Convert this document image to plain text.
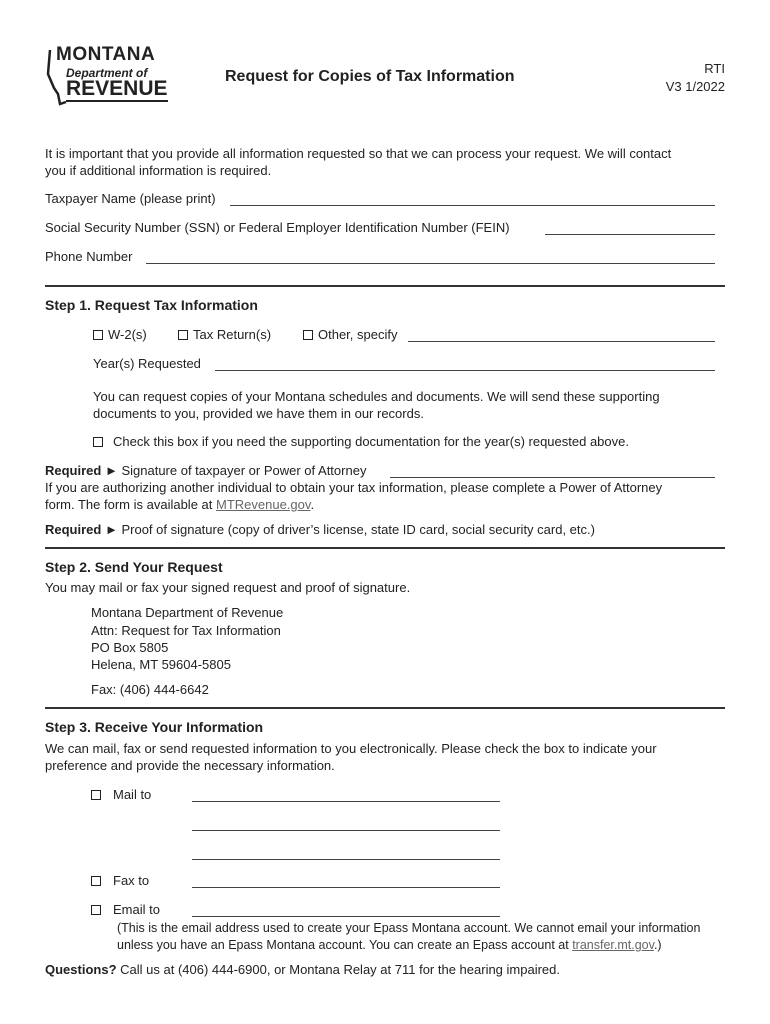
MONTANA
Department of
REVENUE
Request for Copies of Tax Information	RTI
V3 1/2022
It is important that you provide all information requested so that we can process your request. We will contact
you if additional information is required.
Taxpayer Name (please print)
Social Security Number (SSN) or Federal Employer Identification Number (FEIN)
Phone Number
Step 1. Request Tax Information
W-2(s)	Tax Return(s)	Other, specify
Year(s) Requested
You can request copies of your Montana schedules and documents. We will send these supporting
documents to you, provided we have them in our records.
Check this box if you need the supporting documentation for the year(s) requested above.
Required ► Signature of taxpayer or Power of Attorney
If you are authorizing another individual to obtain your tax information, please complete a Power of Attorney
form. The form is available at MTRevenue.gov.
Required ► Proof of signature (copy of driver’s license, state ID card, social security card, etc.)
Step 2. Send Your Request
You may mail or fax your signed request and proof of signature.
Montana Department of Revenue
Attn: Request for Tax Information
PO Box 5805
Helena, MT 59604-5805
Fax: (406) 444-6642
Step 3. Receive Your Information
We can mail, fax or send requested information to you electronically. Please check the box to indicate your
preference and provide the necessary information.
Mail to
Fax to
Email to
(This is the email address used to create your Epass Montana account. We cannot email your information
unless you have an Epass Montana account. You can create an Epass account at transfer.mt.gov.)
Questions? Call us at (406) 444-6900, or Montana Relay at 711 for the hearing impaired.
